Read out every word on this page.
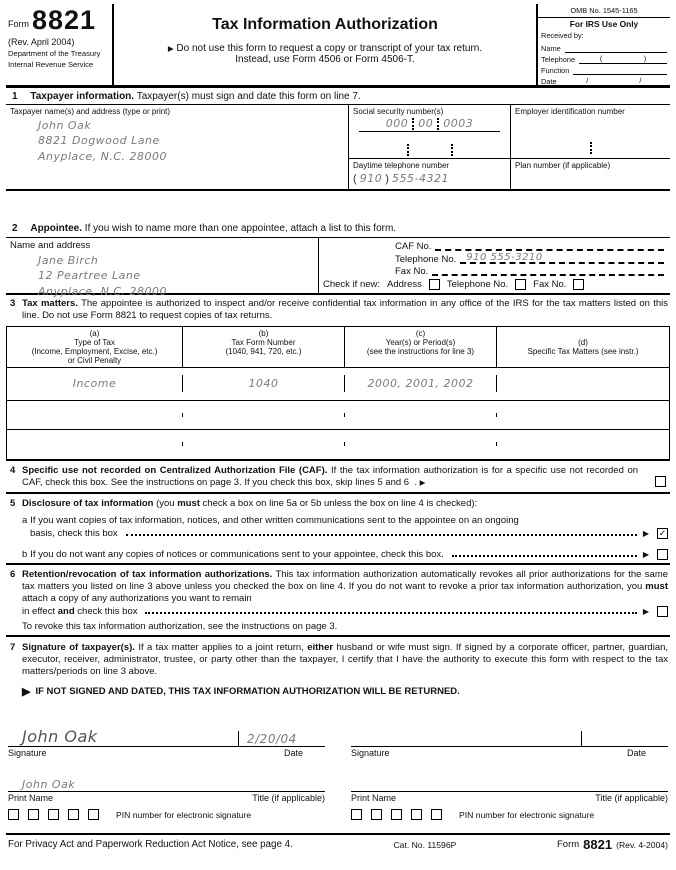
Form 8821
(Rev. April 2004)
Department of the Treasury
Internal Revenue Service
Tax Information Authorization
▶ Do not use this form to request a copy or transcript of your tax return.
Instead, use Form 4506 or Form 4506-T.
OMB No. 1545-1165
For IRS Use Only
Received by:
Name
Telephone	(	)
Function
Date	/	/
1 Taxpayer information. Taxpayer(s) must sign and date this form on line 7.
Taxpayer name(s) and address (type or print)
John Oak
8821 Dogwood Lane
Anyplace, N.C. 28000
Social security number(s)
000 00 0003
Employer identification number
Daytime telephone number
( 910 ) 555-4321
Plan number (if applicable)
2 Appointee. If you wish to name more than one appointee, attach a list to this form.
Name and address
Jane Birch
12 Peartree Lane
Anyplace, N.C. 28000
CAF No.
Telephone No.	910 555-3210
Fax No.
Check if new: Address	Telephone No.	Fax No.
3 Tax matters. The appointee is authorized to inspect and/or receive confidential tax information in any office of the IRS for the tax matters listed on this line. Do not use Form 8821 to request copies of tax returns.
(a)
Type of Tax
(Income, Employment, Excise, etc.)
or Civil Penalty
(b)
Tax Form Number
(1040, 941, 720, etc.)
(c)
Year(s) or Period(s)
(see the instructions for line 3)
(d)
Specific Tax Matters (see instr.)
Income	1040	2000, 2001, 2002
4 Specific use not recorded on Centralized Authorization File (CAF). If the tax information authorization is for a specific use not recorded on CAF, check this box. See the instructions on page 3. If you check this box, skip lines 5 and 6 . ▶
5 Disclosure of tax information (you must check a box on line 5a or 5b unless the box on line 4 is checked):
a If you want copies of tax information, notices, and other written communications sent to the appointee on an ongoing
basis, check this box	▶ ✓
b If you do not want any copies of notices or communications sent to your appointee, check this box.	▶
6 Retention/revocation of tax information authorizations. This tax information authorization automatically revokes all prior authorizations for the same tax matters you listed on line 3 above unless you checked the box on line 4. If you do not want to revoke a prior tax information authorization, you must attach a copy of any authorizations you want to remain
in effect and check this box	▶
To revoke this tax information authorization, see the instructions on page 3.
7 Signature of taxpayer(s). If a tax matter applies to a joint return, either husband or wife must sign. If signed by a corporate officer, partner, guardian, executor, receiver, administrator, trustee, or party other than the taxpayer, I certify that I have the authority to execute this form with respect to the tax matters/periods on line 3 above.
▶ IF NOT SIGNED AND DATED, THIS TAX INFORMATION AUTHORIZATION WILL BE RETURNED.
John Oak	2/20/04
Signature	Date
John Oak
Print Name	Title (if applicable)
PIN number for electronic signature
Signature	Date
Print Name	Title (if applicable)
PIN number for electronic signature
For Privacy Act and Paperwork Reduction Act Notice, see page 4.	Cat. No. 11596P	Form 8821 (Rev. 4-2004)
